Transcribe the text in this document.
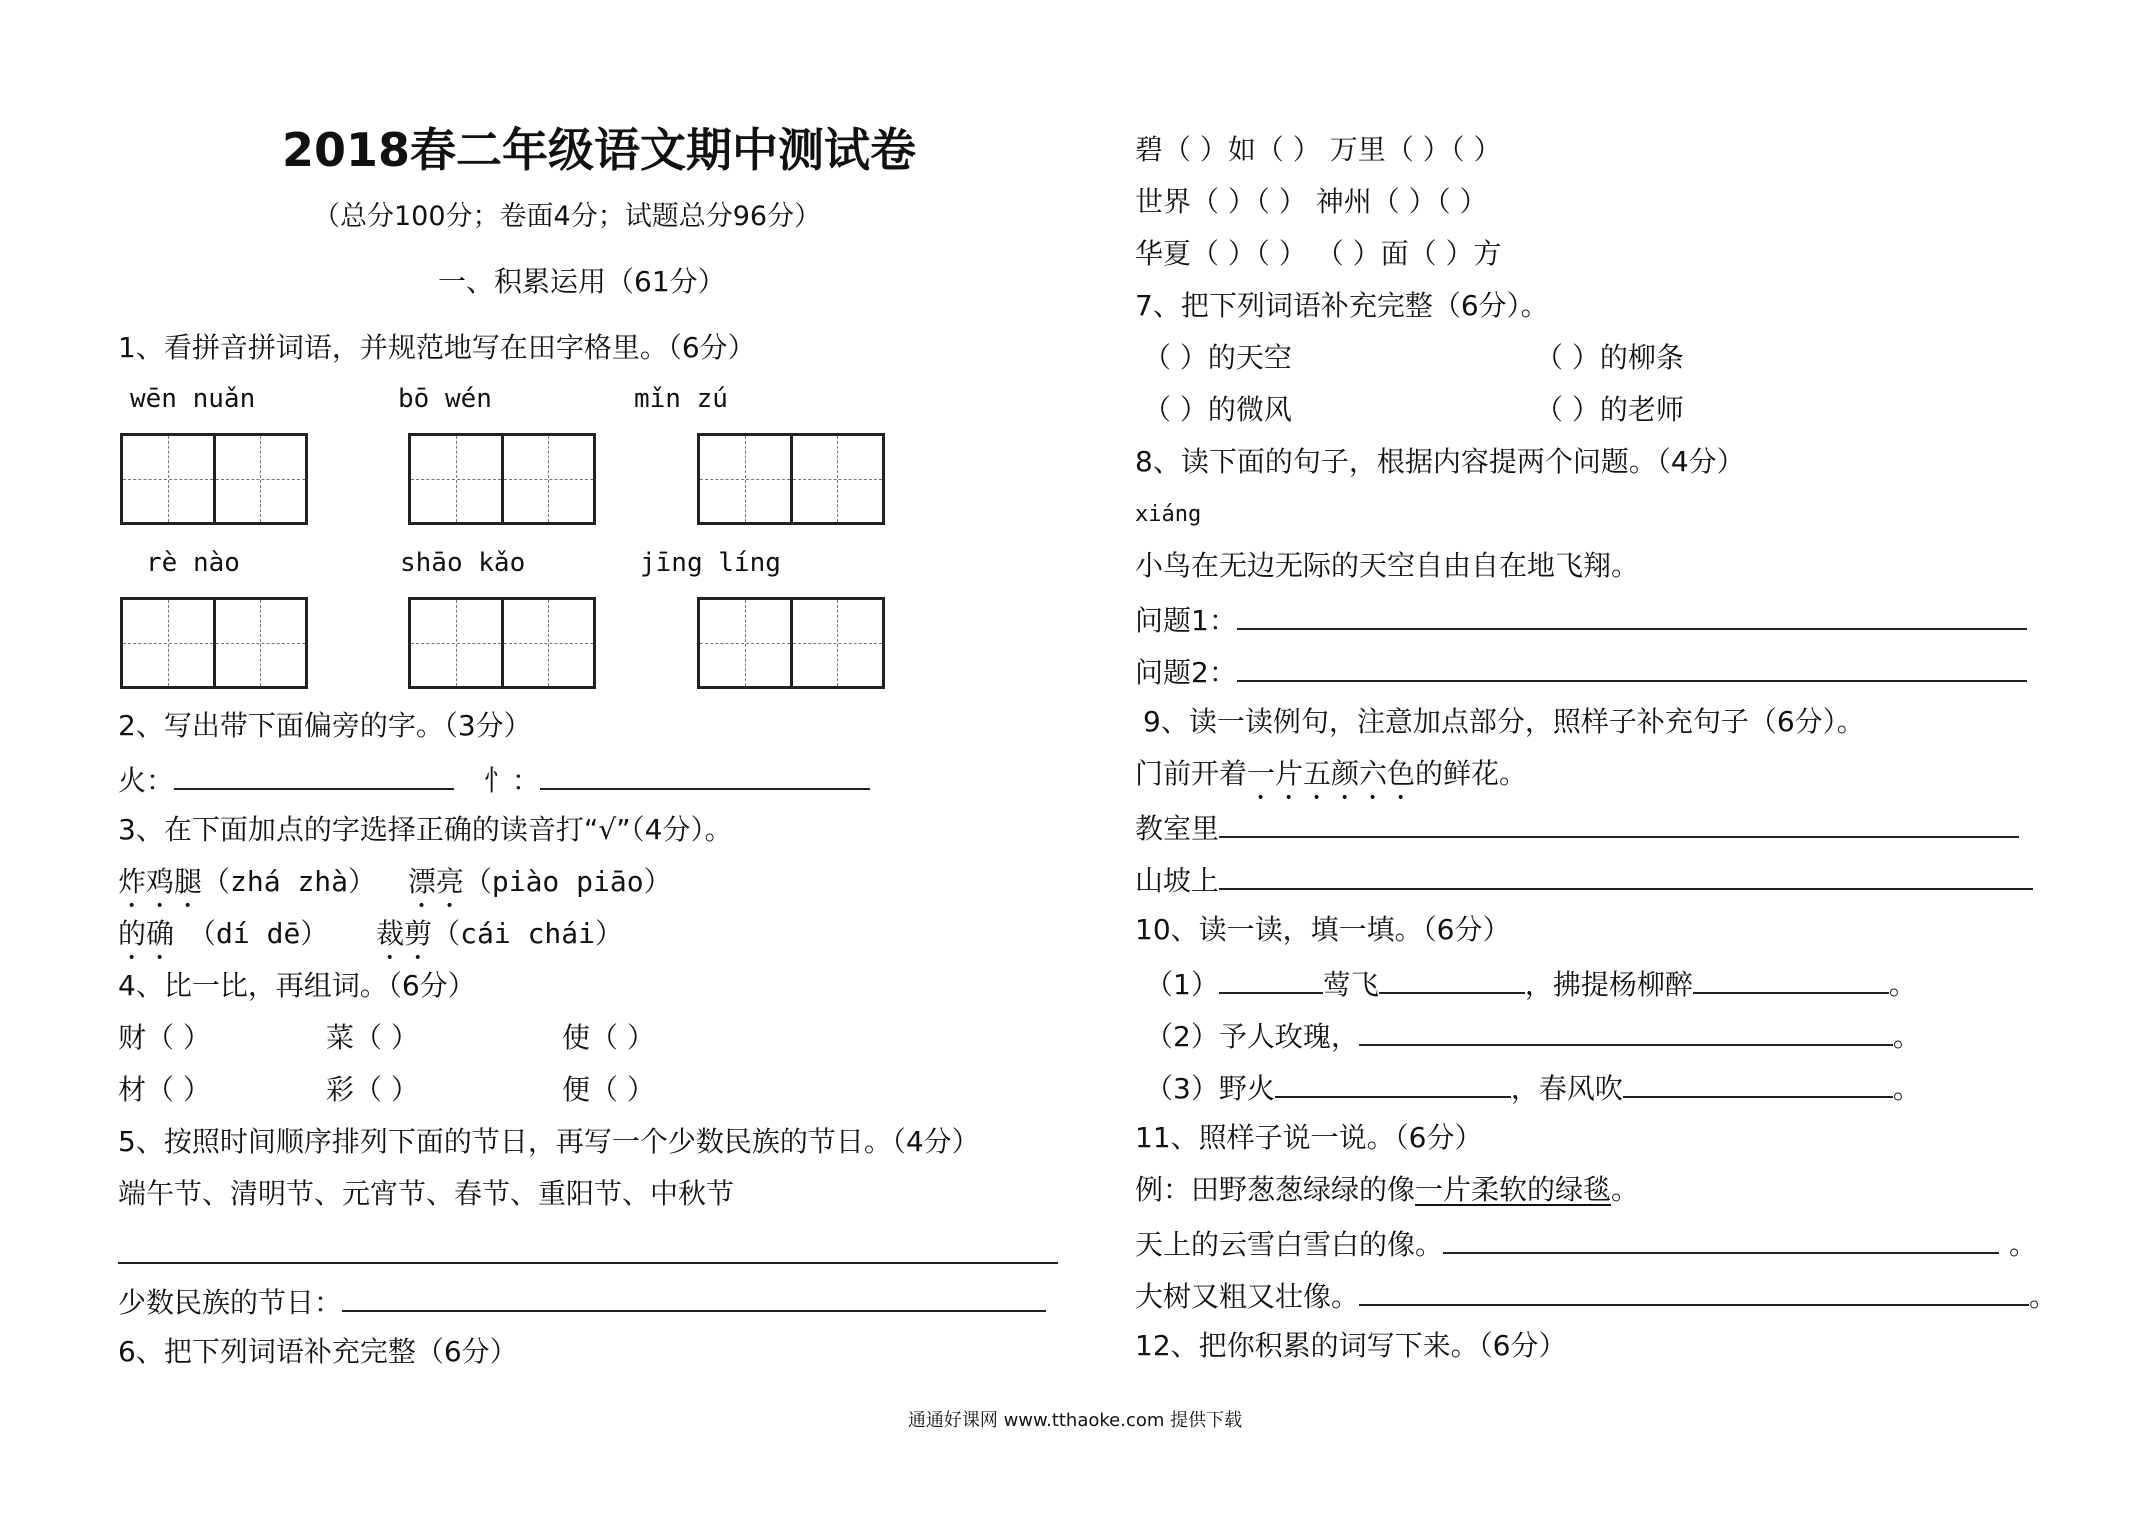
2018春二年级语文期中测试卷
（总分100分；卷面4分；试题总分96分）
一、积累运用（61分）
1、看拼音拼词语，并规范地写在田字格里。（6分）
wēn nuǎn	bō wén	mǐn zú
rè nào	shāo kǎo	jīng líng
2、写出带下面偏旁的字。（3分）
火：	忄：
3、在下面加点的字选择正确的读音打“√”（4分）。
炸鸡腿（zhá zhà） 漂亮（piào piāo）
的确 （dí dē） 裁剪（cái chái）
4、比一比，再组词。（6分）
财（ ）	菜（ ）	使（ ）
材（ ）	彩（ ）	便（ ）
5、按照时间顺序排列下面的节日，再写一个少数民族的节日。（4分）
端午节、清明节、元宵节、春节、重阳节、中秋节
少数民族的节日：
6、把下列词语补充完整（6分）
碧（ ）如（ ） 万里（ ）（ ）
世界（ ）（ ） 神州（ ）（ ）
华夏（ ）（ ） （ ）面（ ）方
7、把下列词语补充完整（6分）。
（ ）的天空	（ ）的柳条
（ ）的微风	（ ）的老师
8、读下面的句子，根据内容提两个问题。（4分）
xiáng
小鸟在无边无际的天空自由自在地飞翔。
问题1：
问题2：
9、读一读例句，注意加点部分，照样子补充句子（6分）。
门前开着一片五颜六色的鲜花。
教室里
山坡上
10、读一读，填一填。（6分）
（1）	莺飞	，拂提杨柳醉	。
（2）予人玫瑰，	。
（3）野火	，春风吹	。
11、照样子说一说。（6分）
例：田野葱葱绿绿的像一片柔软的绿毯。
天上的云雪白雪白的像。	。
大树又粗又壮像。	。
12、把你积累的词写下来。（6分）
通通好课网 www.tthaoke.com 提供下载
